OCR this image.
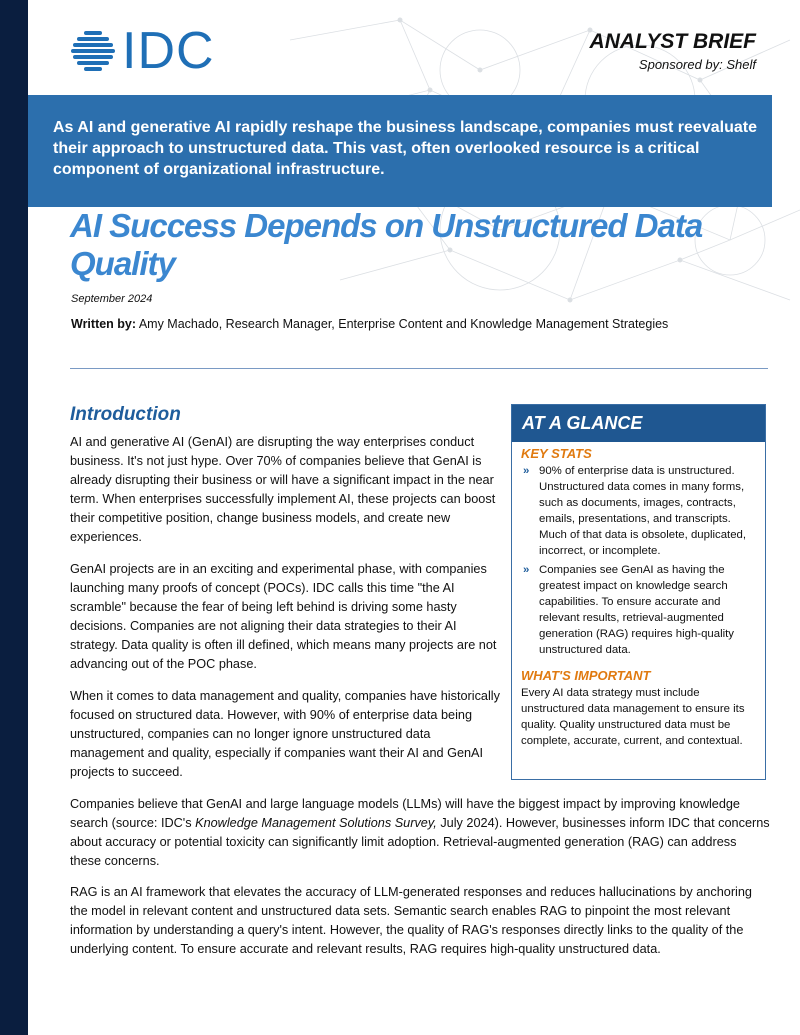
IDC	ANALYST BRIEF
Sponsored by: Shelf
As AI and generative AI rapidly reshape the business landscape, companies must reevaluate their approach to unstructured data. This vast, often overlooked resource is a critical component of organizational infrastructure.
AI Success Depends on Unstructured Data Quality
September 2024
Written by: Amy Machado, Research Manager, Enterprise Content and Knowledge Management Strategies
Introduction

AI and generative AI (GenAI) are disrupting the way enterprises conduct business. It's not just hype. Over 70% of companies believe that GenAI is already disrupting their business or will have a significant impact in the near term. When enterprises successfully implement AI, these projects can boost their competitive position, change business models, and create new experiences.

GenAI projects are in an exciting and experimental phase, with companies launching many proofs of concept (POCs). IDC calls this time "the AI scramble" because the fear of being left behind is driving some hasty decisions. Companies are not aligning their data strategies to their AI strategy. Data quality is often ill defined, which means many projects are not advancing out of the POC phase.

When it comes to data management and quality, companies have historically focused on structured data. However, with 90% of enterprise data being unstructured, companies can no longer ignore unstructured data management and quality, especially if companies want their AI and GenAI projects to succeed.

Companies believe that GenAI and large language models (LLMs) will have the biggest impact by improving knowledge search (source: IDC's Knowledge Management Solutions Survey, July 2024). However, businesses inform IDC that concerns about accuracy or potential toxicity can significantly limit adoption. Retrieval-augmented generation (RAG) can address these concerns.

RAG is an AI framework that elevates the accuracy of LLM-generated responses and reduces hallucinations by anchoring the model in relevant content and unstructured data sets. Semantic search enables RAG to pinpoint the most relevant information by understanding a query's intent. However, the quality of RAG's responses directly links to the quality of the underlying content. To ensure accurate and relevant results, RAG requires high-quality unstructured data.

AT A GLANCE
KEY STATS
» 90% of enterprise data is unstructured. Unstructured data comes in many forms, such as documents, images, contracts, emails, presentations, and transcripts. Much of that data is obsolete, duplicated, incorrect, or incomplete.
» Companies see GenAI as having the greatest impact on knowledge search capabilities. To ensure accurate and relevant results, retrieval-augmented generation (RAG) requires high-quality unstructured data.
WHAT'S IMPORTANT
Every AI data strategy must include unstructured data management to ensure its quality. Quality unstructured data must be complete, accurate, current, and contextual.
